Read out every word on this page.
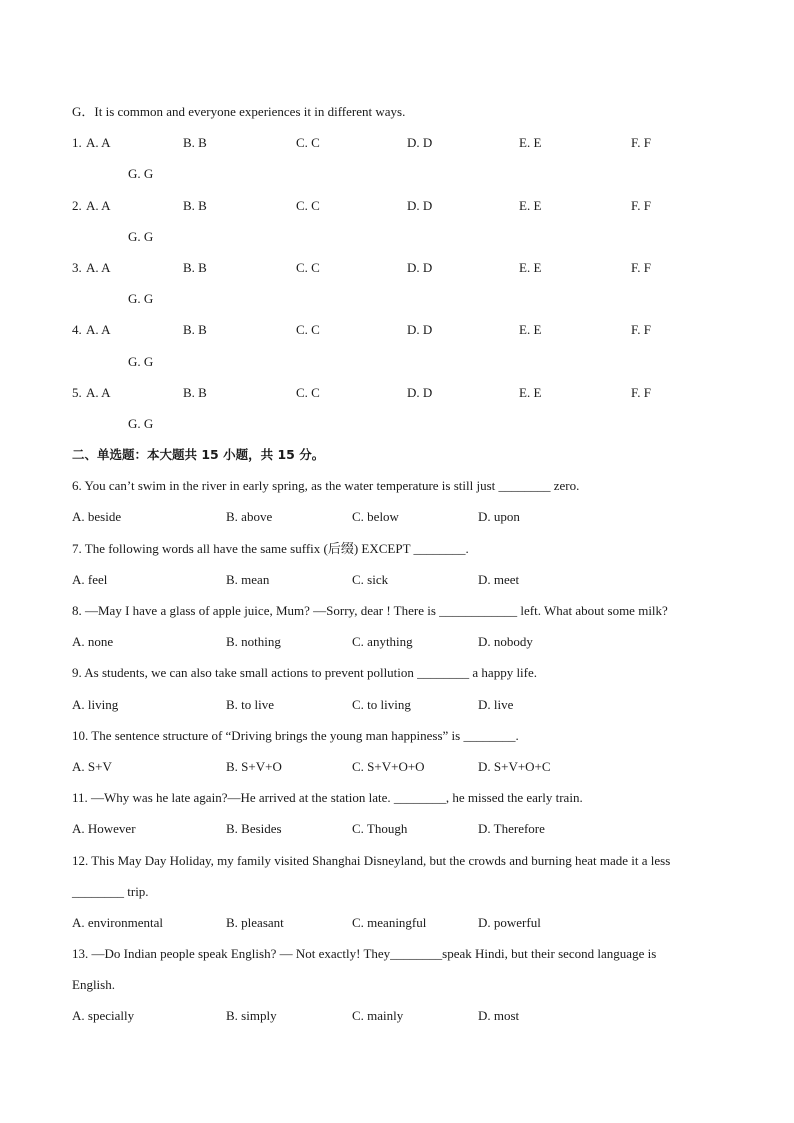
G．It is common and everyone experiences it in different ways.
1. A. A	B. B	C. C	D. D	E. E	F. F
G. G
2. A. A	B. B	C. C	D. D	E. E	F. F
G. G
3. A. A	B. B	C. C	D. D	E. E	F. F
G. G
4. A. A	B. B	C. C	D. D	E. E	F. F
G. G
5. A. A	B. B	C. C	D. D	E. E	F. F
G. G
二、单选题：本大题共 15 小题，共 15 分。
6. You can’t swim in the river in early spring, as the water temperature is still just ________ zero.
A. beside	B. above	C. below	D. upon
7. The following words all have the same suffix (后缀) EXCEPT ________.
A. feel	B. mean	C. sick	D. meet
8. —May I have a glass of apple juice, Mum? —Sorry, dear ! There is ____________ left. What about some milk?
A. none	B. nothing	C. anything	D. nobody
9. As students, we can also take small actions to prevent pollution ________ a happy life.
A. living	B. to live	C. to living	D. live
10. The sentence structure of “Driving brings the young man happiness” is ________.
A. S+V	B. S+V+O	C. S+V+O+O	D. S+V+O+C
11. —Why was he late again?—He arrived at the station late. ________, he missed the early train.
A. However	B. Besides	C. Though	D. Therefore
12. This May Day Holiday, my family visited Shanghai Disneyland, but the crowds and burning heat made it a less
________ trip.
A. environmental	B. pleasant	C. meaningful	D. powerful
13. —Do Indian people speak English? — Not exactly! They________speak Hindi, but their second language is
English.
A. specially	B. simply	C. mainly	D. most
